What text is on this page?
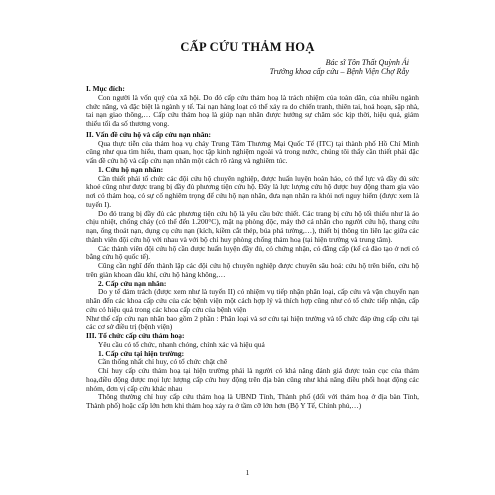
CẤP CỨU THẢM HOẠ
Bác sĩ Tôn Thất Quỳnh Ái
Trưởng khoa cấp cứu – Bệnh Viện Chợ Rẫy

I. Mục đích:

Con người là vốn quý của xã hội. Do đó cấp cứu thảm hoạ là trách nhiệm của toàn dân, của nhiều ngành chức năng, và đặc biệt là ngành y tế. Tai nạn hàng loạt có thể xảy ra do chiến tranh, thiên tai, hoả hoạn, sập nhà, tai nạn giao thông,… Cấp cứu thảm hoạ là giúp nạn nhân được hướng sự chăm sóc kịp thời, hiệu quả, giảm thiểu tối đa số thương vong.

II. Vấn đề cứu hộ và cấp cứu nạn nhân:

Qua thực tiễn của thảm hoạ vụ cháy Trung Tâm Thương Mại Quốc Tế (ITC) tại thành phố Hồ Chí Minh cũng như qua tìm hiểu, tham quan, học tập kinh nghiệm ngoài và trong nước, chúng tôi thấy cần thiết phải đặc vấn đề cứu hộ và cấp cứu nạn nhân một cách rõ ràng và nghiêm túc.

1. Cứu hộ nạn nhân:

Cần thiết phải tổ chức các đội cứu hộ chuyên nghiệp, được huấn luyện hoàn hảo, có thể lực và đầy đủ sức khoẻ cũng như được trang bị đầy đủ phương tiện cứu hộ. Đây là lực lượng cứu hộ được huy động tham gia vào nơi có thảm hoạ, có sự cố nghiêm trọng để cứu hộ nạn nhân, đưa nạn nhân ra khỏi nơi nguy hiểm (được xem là tuyến I).

Do đó trang bị đầy đủ các phương tiện cứu hộ là yêu cầu bức thiết. Các trang bị cứu hộ tối thiểu như là áo chịu nhiệt, chống cháy (có thể đến 1.200°C), mặt nạ phòng độc, máy thở cá nhân cho người cứu hộ, thang cứu nạn, ống thoát nạn, dụng cụ cứu nạn (kích, kiềm cắt thép, búa phá tường,…), thiết bị thông tin liên lạc giữa các thành viên đội cứu hộ với nhau và với bộ chỉ huy phòng chống thảm hoạ (tại hiện trường và trung tâm).

Các thành viên đội cứu hộ cần được huấn luyện đầy đủ, có chứng nhận, có đẳng cấp (kể cả đào tạo ở nơi có bằng cứu hộ quốc tế).

Cũng cần nghĩ đến thành lập các đội cứu hộ chuyên nghiệp được chuyên sâu hoá: cứu hộ trên biển, cứu hộ trên giàn khoan dầu khí, cứu hộ hàng không,…

2. Cấp cứu nạn nhân:

Do y tế đảm trách (được xem như là tuyến II) có nhiệm vụ tiếp nhận phân loại, cấp cứu và vận chuyển nạn nhân đến các khoa cấp cứu của các bệnh viện một cách hợp lý và thích hợp cũng như có tổ chức tiếp nhận, cấp cứu có hiệu quả trong các khoa cấp cứu của bệnh viện

Như thế cấp cứu nạn nhân bao gồm 2 phần : Phân loại và sơ cứu tại hiện trường và tổ chức đáp ứng cấp cứu tại các cơ sở điều trị (bệnh viện)

III. Tổ chức cấp cứu thảm hoạ:

Yêu cầu có tổ chức, nhanh chóng, chính xác và hiệu quả

1. Cấp cứu tại hiện trường:

Cần thống nhất chỉ huy, có tổ chức chặt chẽ

Chỉ huy cấp cứu thảm hoạ tại hiện trường phải là người có khả năng đánh giá được toàn cục của thảm hoạ,điều động được mọi lực lượng cấp cứu huy động trên địa bàn cũng như khả năng điều phối hoạt động các nhóm, đơn vị cấp cứu khác nhau

Thông thường chỉ huy cấp cứu thảm hoạ là UBND Tỉnh, Thành phố (đối với thảm hoạ ở địa bàn Tỉnh, Thành phố) hoặc cấp lớn hơn khi thảm hoạ xảy ra ở tầm cỡ lớn hơn (Bộ Y Tế, Chính phủ,…)

1
